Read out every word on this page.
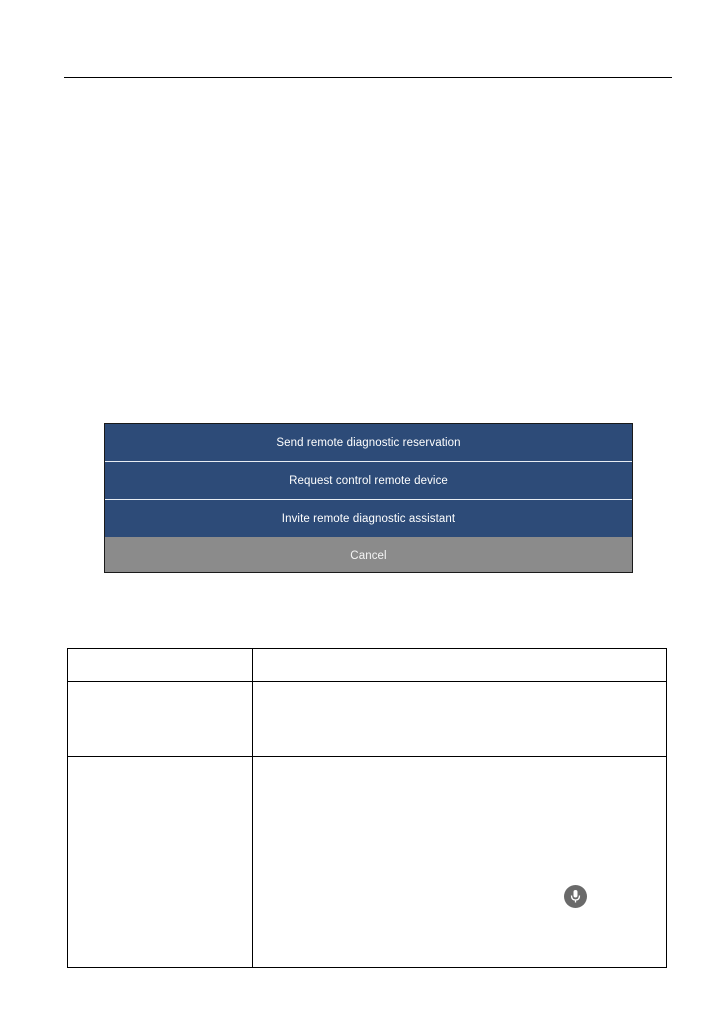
Send remote diagnostic reservation
Request control remote device
Invite remote diagnostic assistant
Cancel
